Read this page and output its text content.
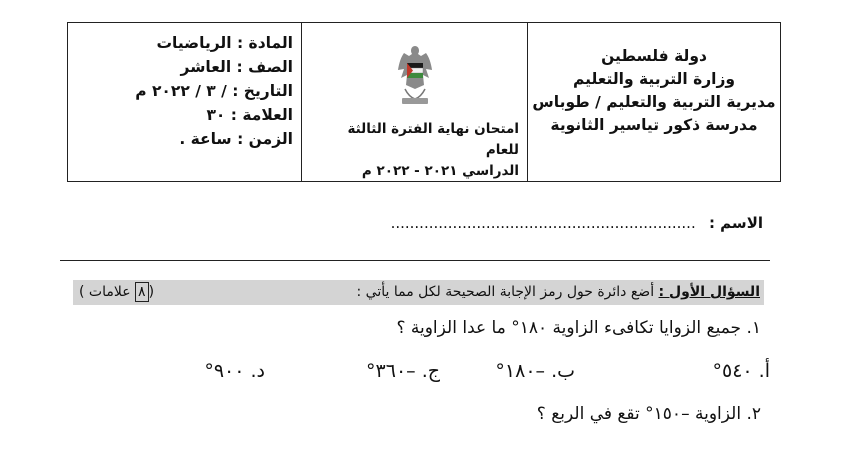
دولة فلسطين
وزارة التربية والتعليم
مديرية التربية والتعليم / طوباس
مدرسة ذكور تياسير الثانوية
امتحان نهاية الفترة الثالثة للعام
الدراسي ٢٠٢١ - ٢٠٢٢ م
المادة : الرياضيات
الصف : العاشر
التاريخ : / ٣ / ٢٠٢٢ م
العلامة : ٣٠
الزمن : ساعة .
الاسم : ................................................................
السؤال الأول : أضع دائرة حول رمز الإجابة الصحيحة لكل مما يأتي :
(٨ علامات )
١. جميع الزوايا تكافىء الزاوية ١٨٠° ما عدا الزاوية ؟
أ. ٥٤٠°
ب. –١٨٠°
ج. –٣٦٠°
د. ٩٠٠°
٢. الزاوية –١٥٠° تقع في الربع ؟
